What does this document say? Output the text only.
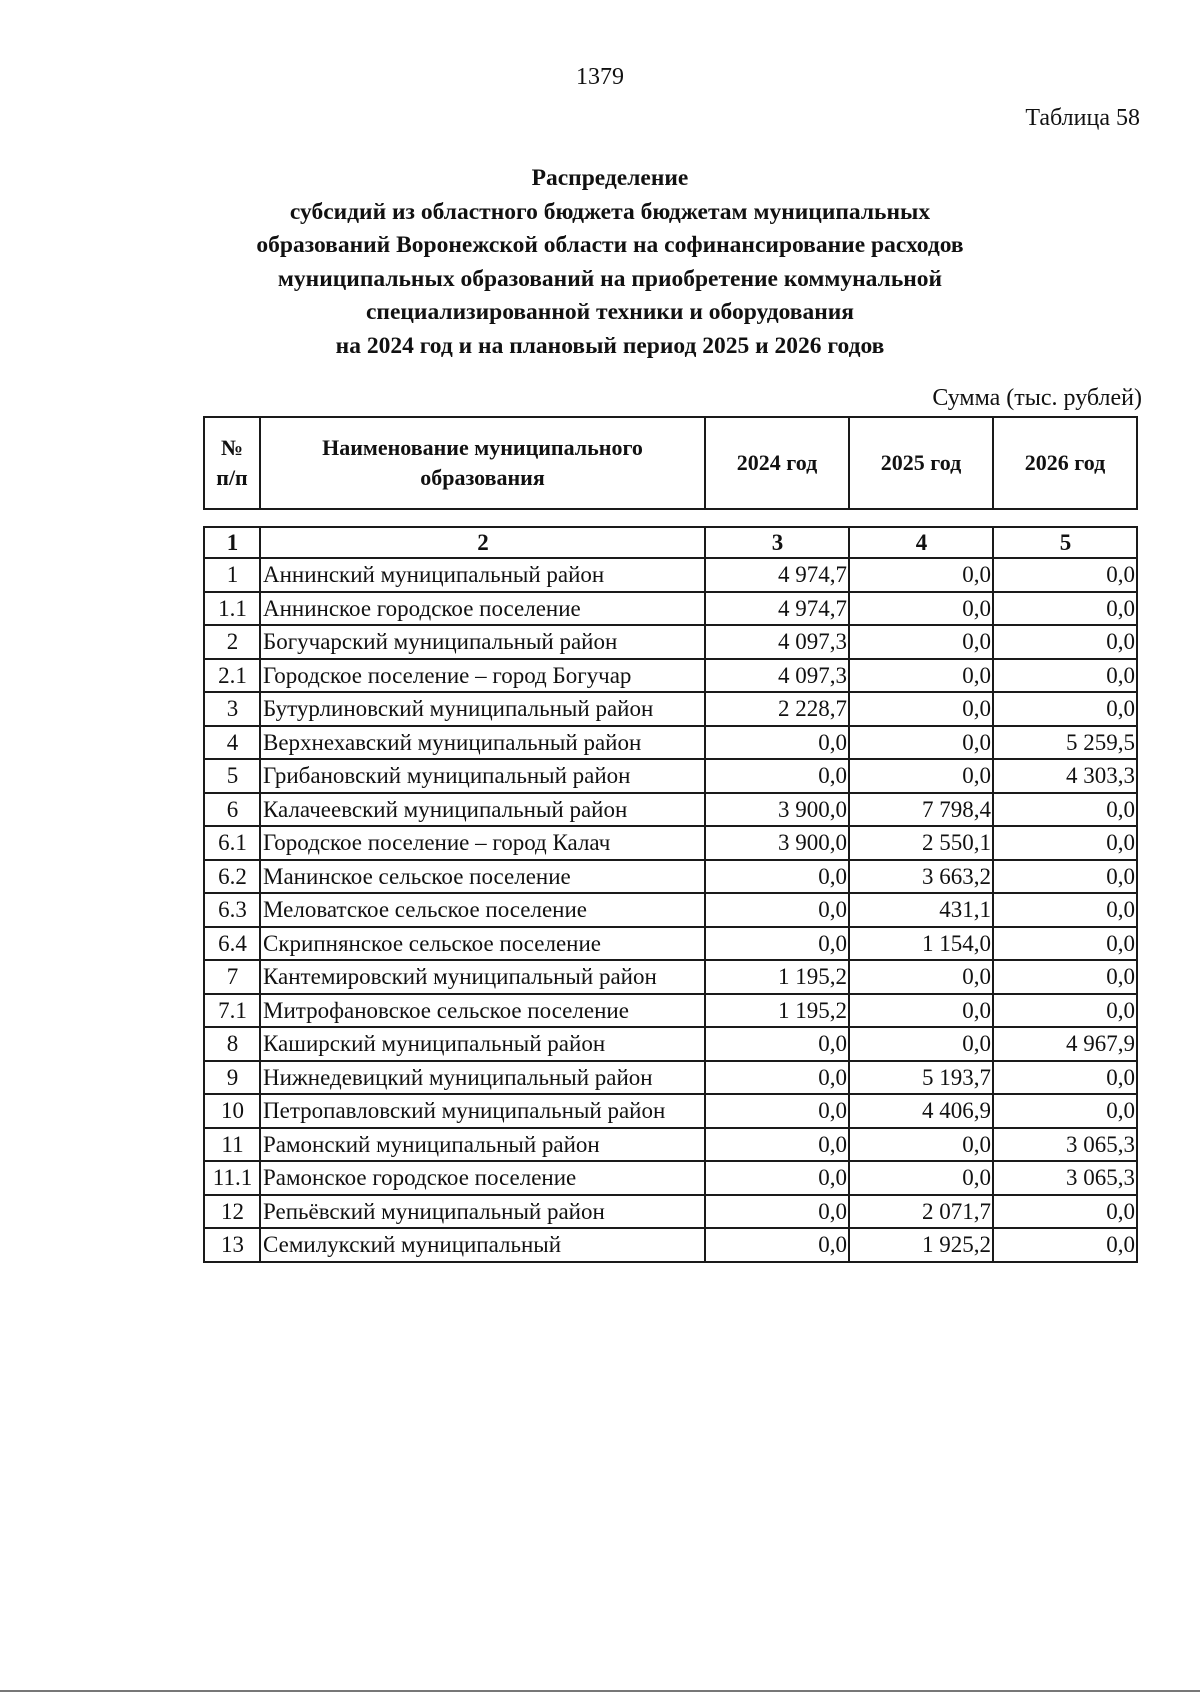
1379
Таблица 58
Распределение
субсидий из областного бюджета бюджетам муниципальных
образований Воронежской области на софинансирование расходов
муниципальных образований на приобретение коммунальной
специализированной техники и оборудования
на 2024 год и на плановый период 2025 и 2026 годов
Сумма (тыс. рублей)
№ п/п	Наименование муниципального образования	2024 год	2025 год	2026 год
1	2	3	4	5
1	Аннинский муниципальный район	4 974,7	0,0	0,0
1.1	Аннинское городское поселение	4 974,7	0,0	0,0
2	Богучарский муниципальный район	4 097,3	0,0	0,0
2.1	Городское поселение – город Богучар	4 097,3	0,0	0,0
3	Бутурлиновский муниципальный район	2 228,7	0,0	0,0
4	Верхнехавский муниципальный район	0,0	0,0	5 259,5
5	Грибановский муниципальный район	0,0	0,0	4 303,3
6	Калачеевский муниципальный район	3 900,0	7 798,4	0,0
6.1	Городское поселение – город Калач	3 900,0	2 550,1	0,0
6.2	Манинское сельское поселение	0,0	3 663,2	0,0
6.3	Меловатское сельское поселение	0,0	431,1	0,0
6.4	Скрипнянское сельское поселение	0,0	1 154,0	0,0
7	Кантемировский муниципальный район	1 195,2	0,0	0,0
7.1	Митрофановское сельское поселение	1 195,2	0,0	0,0
8	Каширский муниципальный район	0,0	0,0	4 967,9
9	Нижнедевицкий муниципальный район	0,0	5 193,7	0,0
10	Петропавловский муниципальный район	0,0	4 406,9	0,0
11	Рамонский муниципальный район	0,0	0,0	3 065,3
11.1	Рамонское городское поселение	0,0	0,0	3 065,3
12	Репьёвский муниципальный район	0,0	2 071,7	0,0
13	Семилукский муниципальный	0,0	1 925,2	0,0
